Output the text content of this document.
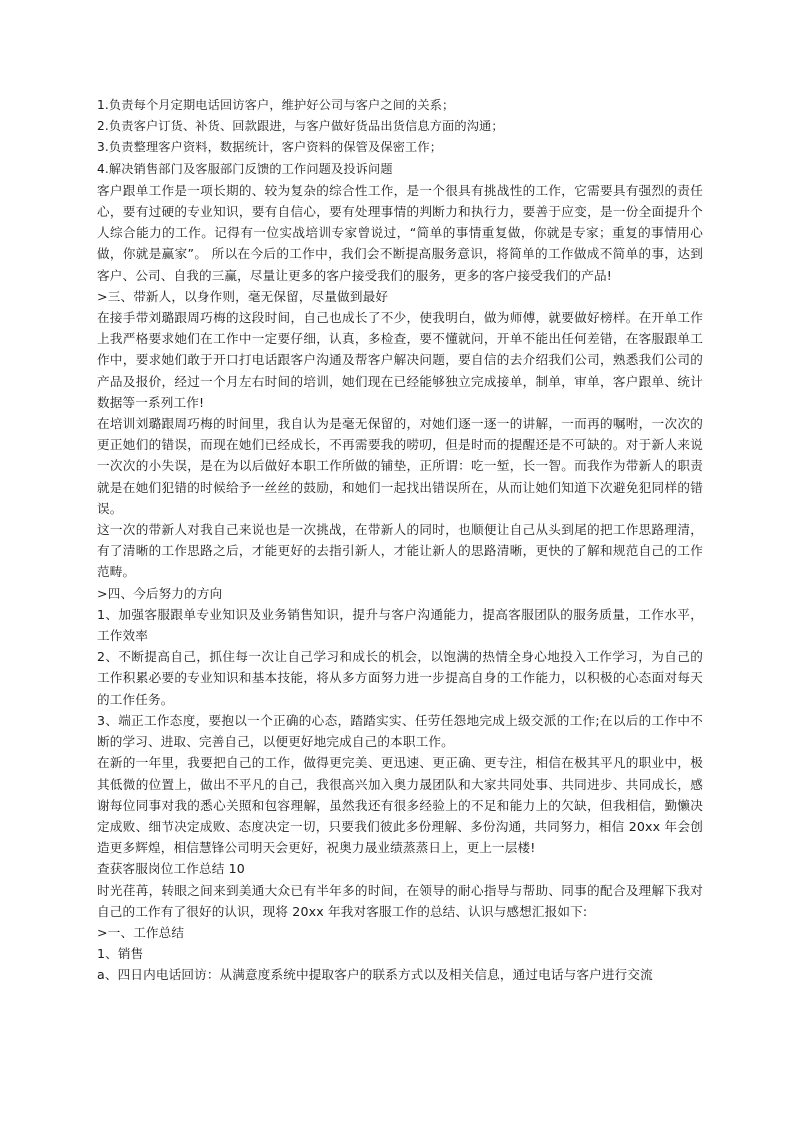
1.负责每个月定期电话回访客户，维护好公司与客户之间的关系；

2.负责客户订货、补货、回款跟进，与客户做好货品出货信息方面的沟通；

3.负责整理客户资料，数据统计，客户资料的保管及保密工作；

4.解决销售部门及客服部门反馈的工作问题及投诉问题

客户跟单工作是一项长期的、较为复杂的综合性工作，是一个很具有挑战性的工作，它需要具有强烈的责任心，要有过硬的专业知识，要有自信心，要有处理事情的判断力和执行力，要善于应变，是一份全面提升个人综合能力的工作。记得有一位实战培训专家曾说过，“简单的事情重复做，你就是专家；重复的事情用心做，你就是赢家”。 所以在今后的工作中，我们会不断提高服务意识，将简单的工作做成不简单的事，达到客户、公司、自我的三赢，尽量让更多的客户接受我们的服务，更多的客户接受我们的产品!

>三、带新人，以身作则，毫无保留，尽量做到最好

在接手带刘璐跟周巧梅的这段时间，自己也成长了不少，使我明白，做为师傅，就要做好榜样。在开单工作上我严格要求她们在工作中一定要仔细，认真，多检查，要不懂就问，开单不能出任何差错，在客服跟单工作中，要求她们敢于开口打电话跟客户沟通及帮客户解决问题，要自信的去介绍我们公司，熟悉我们公司的产品及报价，经过一个月左右时间的培训，她们现在已经能够独立完成接单，制单，审单，客户跟单、统计数据等一系列工作!

在培训刘璐跟周巧梅的时间里，我自认为是毫无保留的，对她们逐一逐一的讲解，一而再的嘱咐，一次次的更正她们的错误，而现在她们已经成长，不再需要我的唠叨，但是时而的提醒还是不可缺的。对于新人来说一次次的小失误，是在为以后做好本职工作所做的铺垫，正所谓：吃一堑，长一智。而我作为带新人的职责就是在她们犯错的时候给予一丝丝的鼓励，和她们一起找出错误所在，从而让她们知道下次避免犯同样的错误。

这一次的带新人对我自己来说也是一次挑战，在带新人的同时，也顺便让自己从头到尾的把工作思路理清，有了清晰的工作思路之后，才能更好的去指引新人，才能让新人的思路清晰，更快的了解和规范自己的工作范畴。

>四、今后努力的方向

1、加强客服跟单专业知识及业务销售知识，提升与客户沟通能力，提高客服团队的服务质量，工作水平，工作效率

2、不断提高自己，抓住每一次让自己学习和成长的机会，以饱满的热情全身心地投入工作学习，为自己的工作积累必要的专业知识和基本技能，将从多方面努力进一步提高自身的工作能力，以积极的心态面对每天的工作任务。

3、端正工作态度，要抱以一个正确的心态，踏踏实实、任劳任怨地完成上级交派的工作;在以后的工作中不断的学习、进取、完善自己，以便更好地完成自己的本职工作。

在新的一年里，我要把自己的工作，做得更完美、更迅速、更正确、更专注，相信在极其平凡的职业中，极其低微的位置上，做出不平凡的自己，我很高兴加入奥力晟团队和大家共同处事、共同进步、共同成长，感谢每位同事对我的悉心关照和包容理解，虽然我还有很多经验上的不足和能力上的欠缺，但我相信，勤懒决定成败、细节决定成败、态度决定一切，只要我们彼此多份理解、多份沟通，共同努力，相信 20xx 年会创造更多辉煌，相信慧锋公司明天会更好，祝奥力晟业绩蒸蒸日上，更上一层楼!

查获客服岗位工作总结 10

时光荏苒，转眼之间来到美通大众已有半年多的时间，在领导的耐心指导与帮助、同事的配合及理解下我对自己的工作有了很好的认识，现将 20xx 年我对客服工作的总结、认识与感想汇报如下:

>一、工作总结

1、销售

a、四日内电话回访：从满意度系统中提取客户的联系方式以及相关信息，通过电话与客户进行交流
